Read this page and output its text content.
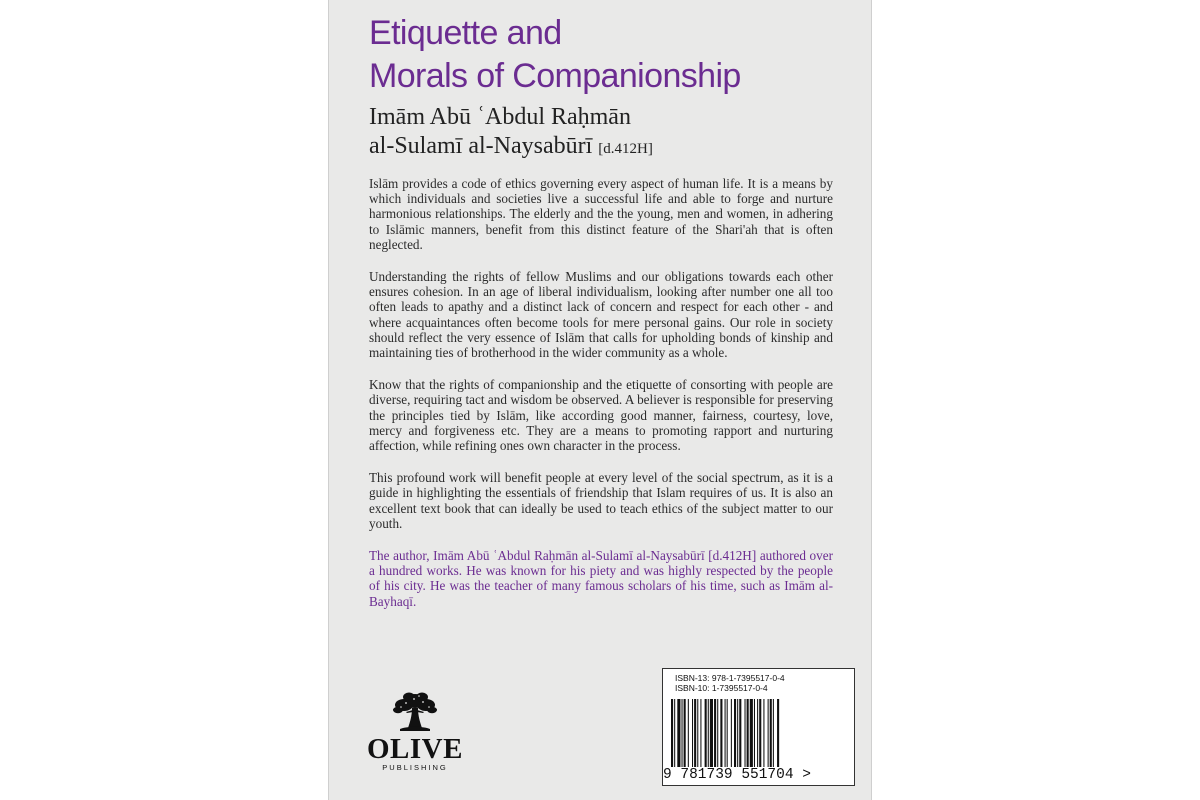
Etiquette and
Morals of Companionship
Imām Abū ʿAbdul Raḥmān
al-Sulamī al-Naysabūrī [d.412H]

Islām provides a code of ethics governing every aspect of human life. It is a means by which individuals and societies live a successful life and able to forge and nurture harmonious relationships. The elderly and the the young, men and women, in adhering to Islāmic manners, benefit from this distinct feature of the Shari'ah that is often neglected.

Understanding the rights of fellow Muslims and our obligations towards each other ensures cohesion. In an age of liberal individualism, looking after number one all too often leads to apathy and a distinct lack of concern and respect for each other - and where acquaintances often become tools for mere personal gains. Our role in society should reflect the very essence of Islām that calls for upholding bonds of kinship and maintaining ties of brotherhood in the wider community as a whole.

Know that the rights of companionship and the etiquette of consorting with people are diverse, requiring tact and wisdom be observed. A believer is responsible for preserving the principles tied by Islām, like according good manner, fairness, courtesy, love, mercy and forgiveness etc. They are a means to promoting rapport and nurturing affection, while refining ones own character in the process.

This profound work will benefit people at every level of the social spectrum, as it is a guide in highlighting the essentials of friendship that Islam requires of us. It is also an excellent text book that can ideally be used to teach ethics of the subject matter to our youth.

The author, Imām Abū ʿAbdul Raḥmān al-Sulamī al-Naysabūrī [d.412H] authored over a hundred works. He was known for his piety and was highly respected by the people of his city. He was the teacher of many famous scholars of his time, such as Imām al-Bayhaqī.

OLIVE
PUBLISHING
ISBN-13: 978-1-7395517-0-4
ISBN-10: 1-7395517-0-4
9 781739 551704 >
